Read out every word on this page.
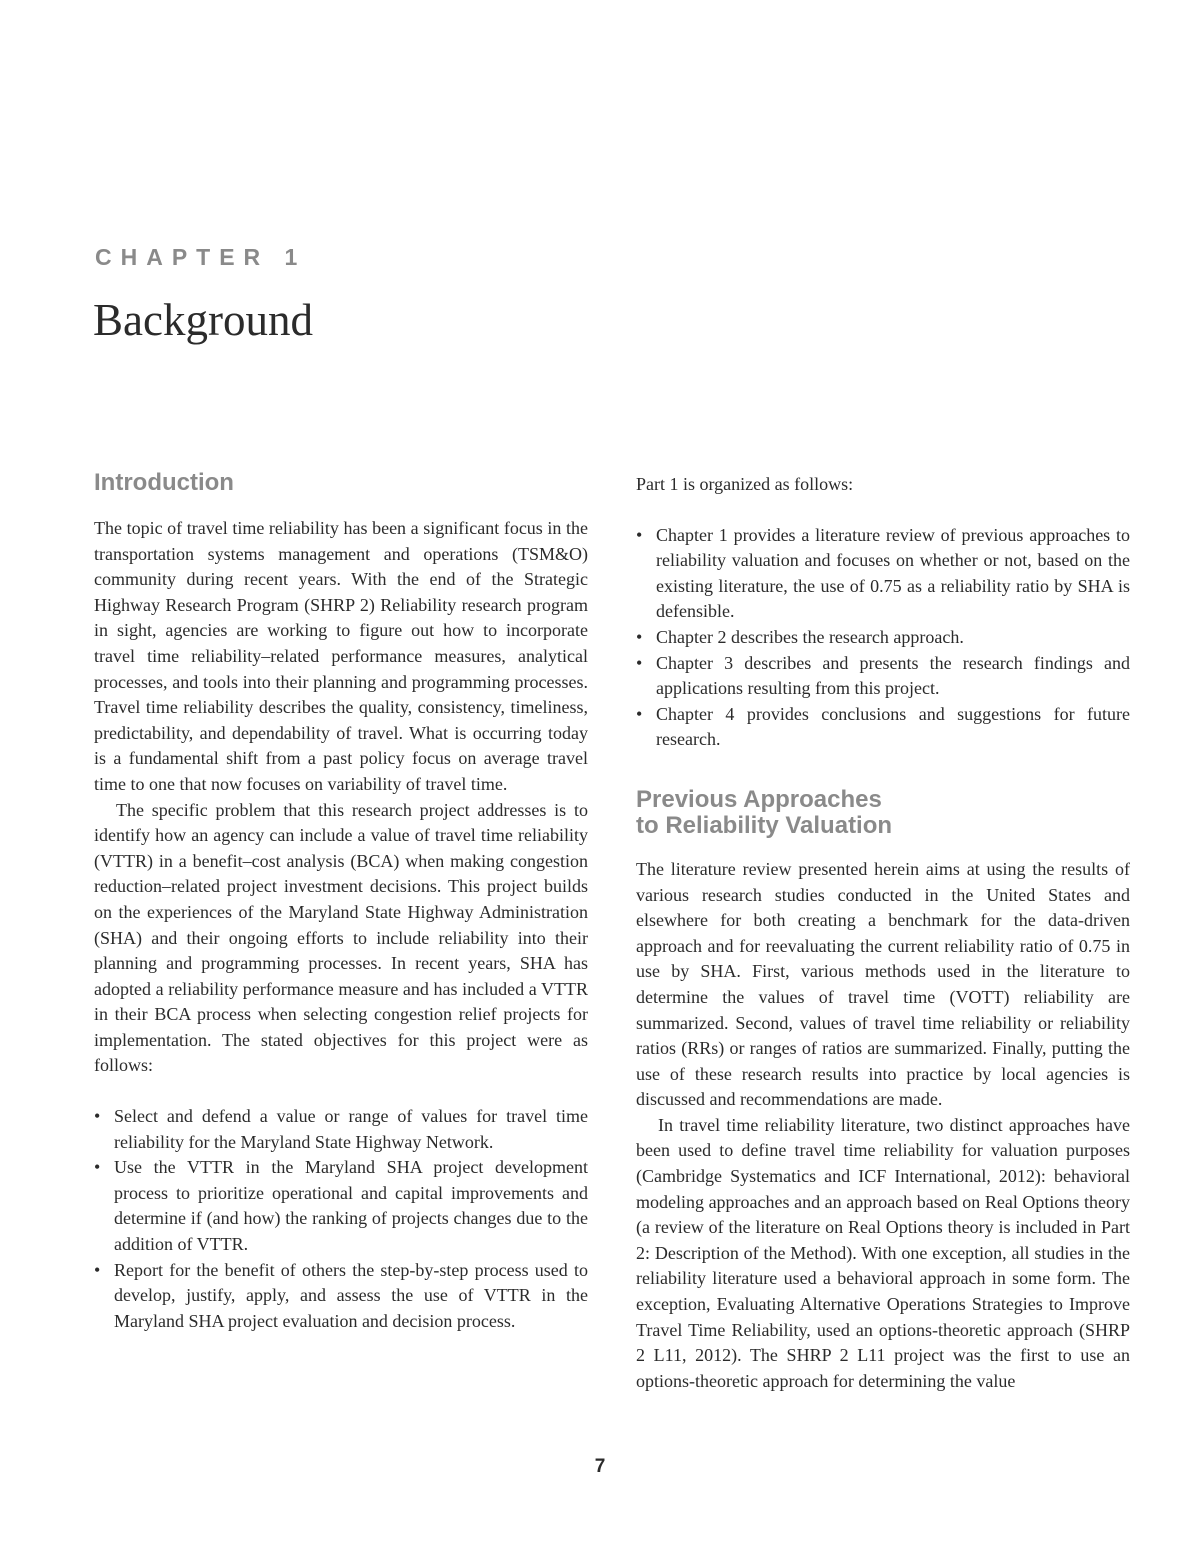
CHAPTER 1
Background
Introduction

The topic of travel time reliability has been a significant focus in the transportation systems management and operations (TSM&O) community during recent years. With the end of the Strategic Highway Research Program (SHRP 2) Reliability research program in sight, agencies are working to figure out how to incorporate travel time reliability–related performance measures, analytical processes, and tools into their planning and programming processes. Travel time reliability describes the quality, consistency, timeliness, predictability, and dependability of travel. What is occurring today is a fundamental shift from a past policy focus on average travel time to one that now focuses on variability of travel time.

The specific problem that this research project addresses is to identify how an agency can include a value of travel time reliability (VTTR) in a benefit–cost analysis (BCA) when making congestion reduction–related project investment decisions. This project builds on the experiences of the Maryland State Highway Administration (SHA) and their ongoing efforts to include reliability into their planning and programming processes. In recent years, SHA has adopted a reliability performance measure and has included a VTTR in their BCA process when selecting congestion relief projects for implementation. The stated objectives for this project were as follows:

• Select and defend a value or range of values for travel time reliability for the Maryland State Highway Network.
• Use the VTTR in the Maryland SHA project development process to prioritize operational and capital improvements and determine if (and how) the ranking of projects changes due to the addition of VTTR.
• Report for the benefit of others the step-by-step process used to develop, justify, apply, and assess the use of VTTR in the Maryland SHA project evaluation and decision process.

Part 1 is organized as follows:

• Chapter 1 provides a literature review of previous approaches to reliability valuation and focuses on whether or not, based on the existing literature, the use of 0.75 as a reliability ratio by SHA is defensible.
• Chapter 2 describes the research approach.
• Chapter 3 describes and presents the research findings and applications resulting from this project.
• Chapter 4 provides conclusions and suggestions for future research.
Previous Approaches
to Reliability Valuation

The literature review presented herein aims at using the results of various research studies conducted in the United States and elsewhere for both creating a benchmark for the data-driven approach and for reevaluating the current reliability ratio of 0.75 in use by SHA. First, various methods used in the literature to determine the values of travel time (VOTT) reliability are summarized. Second, values of travel time reliability or reliability ratios (RRs) or ranges of ratios are summarized. Finally, putting the use of these research results into practice by local agencies is discussed and recommendations are made.

In travel time reliability literature, two distinct approaches have been used to define travel time reliability for valuation purposes (Cambridge Systematics and ICF International, 2012): behavioral modeling approaches and an approach based on Real Options theory (a review of the literature on Real Options theory is included in Part 2: Description of the Method). With one exception, all studies in the reliability literature used a behavioral approach in some form. The exception, Evaluating Alternative Operations Strategies to Improve Travel Time Reliability, used an options-theoretic approach (SHRP 2 L11, 2012). The SHRP 2 L11 project was the first to use an options-theoretic approach for determining the value

7
